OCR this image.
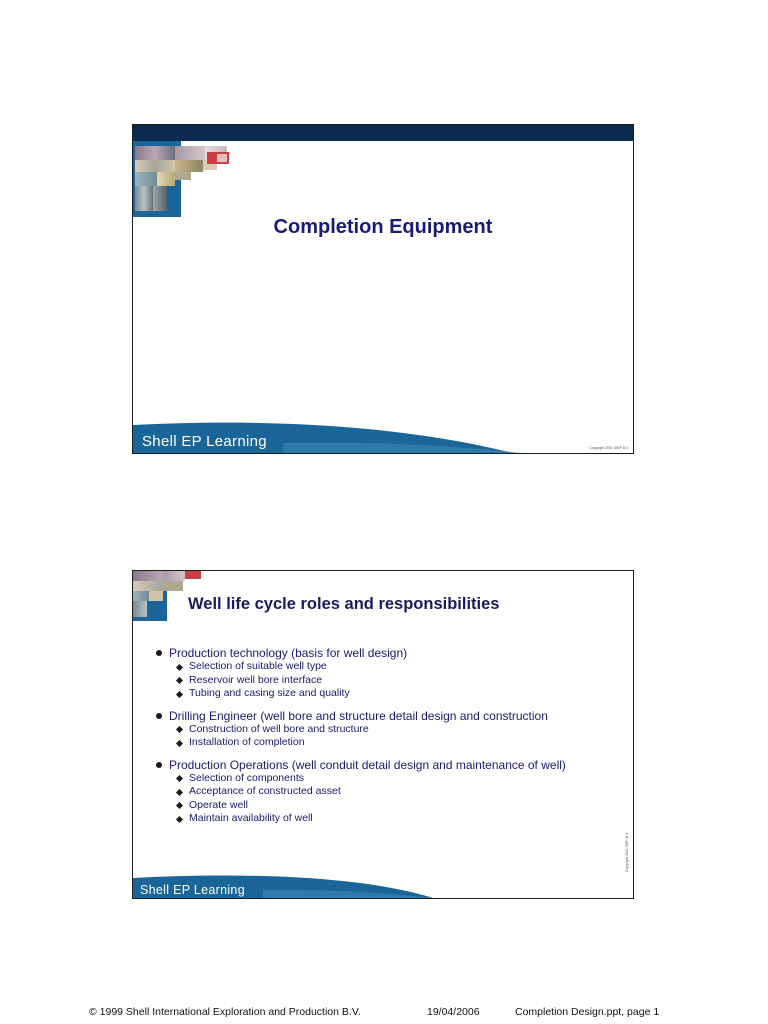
Completion Equipment
Shell EP Learning	Copyright 2001 SIEP B.V.
Well life cycle roles and responsibilities
Production technology (basis for well design)
Selection of suitable well type
Reservoir well bore interface
Tubing and casing size and quality
Drilling Engineer (well bore and structure detail design and construction
Construction of well bore and structure
Installation of completion
Production Operations (well conduit detail design and maintenance of well)
Selection of components
Acceptance of constructed asset
Operate well
Maintain availability of well
Shell EP Learning
Copyright 2001 SIEP B.V.
© 1999 Shell International Exploration and Production B.V.	19/04/2006	Completion Design.ppt, page 1
